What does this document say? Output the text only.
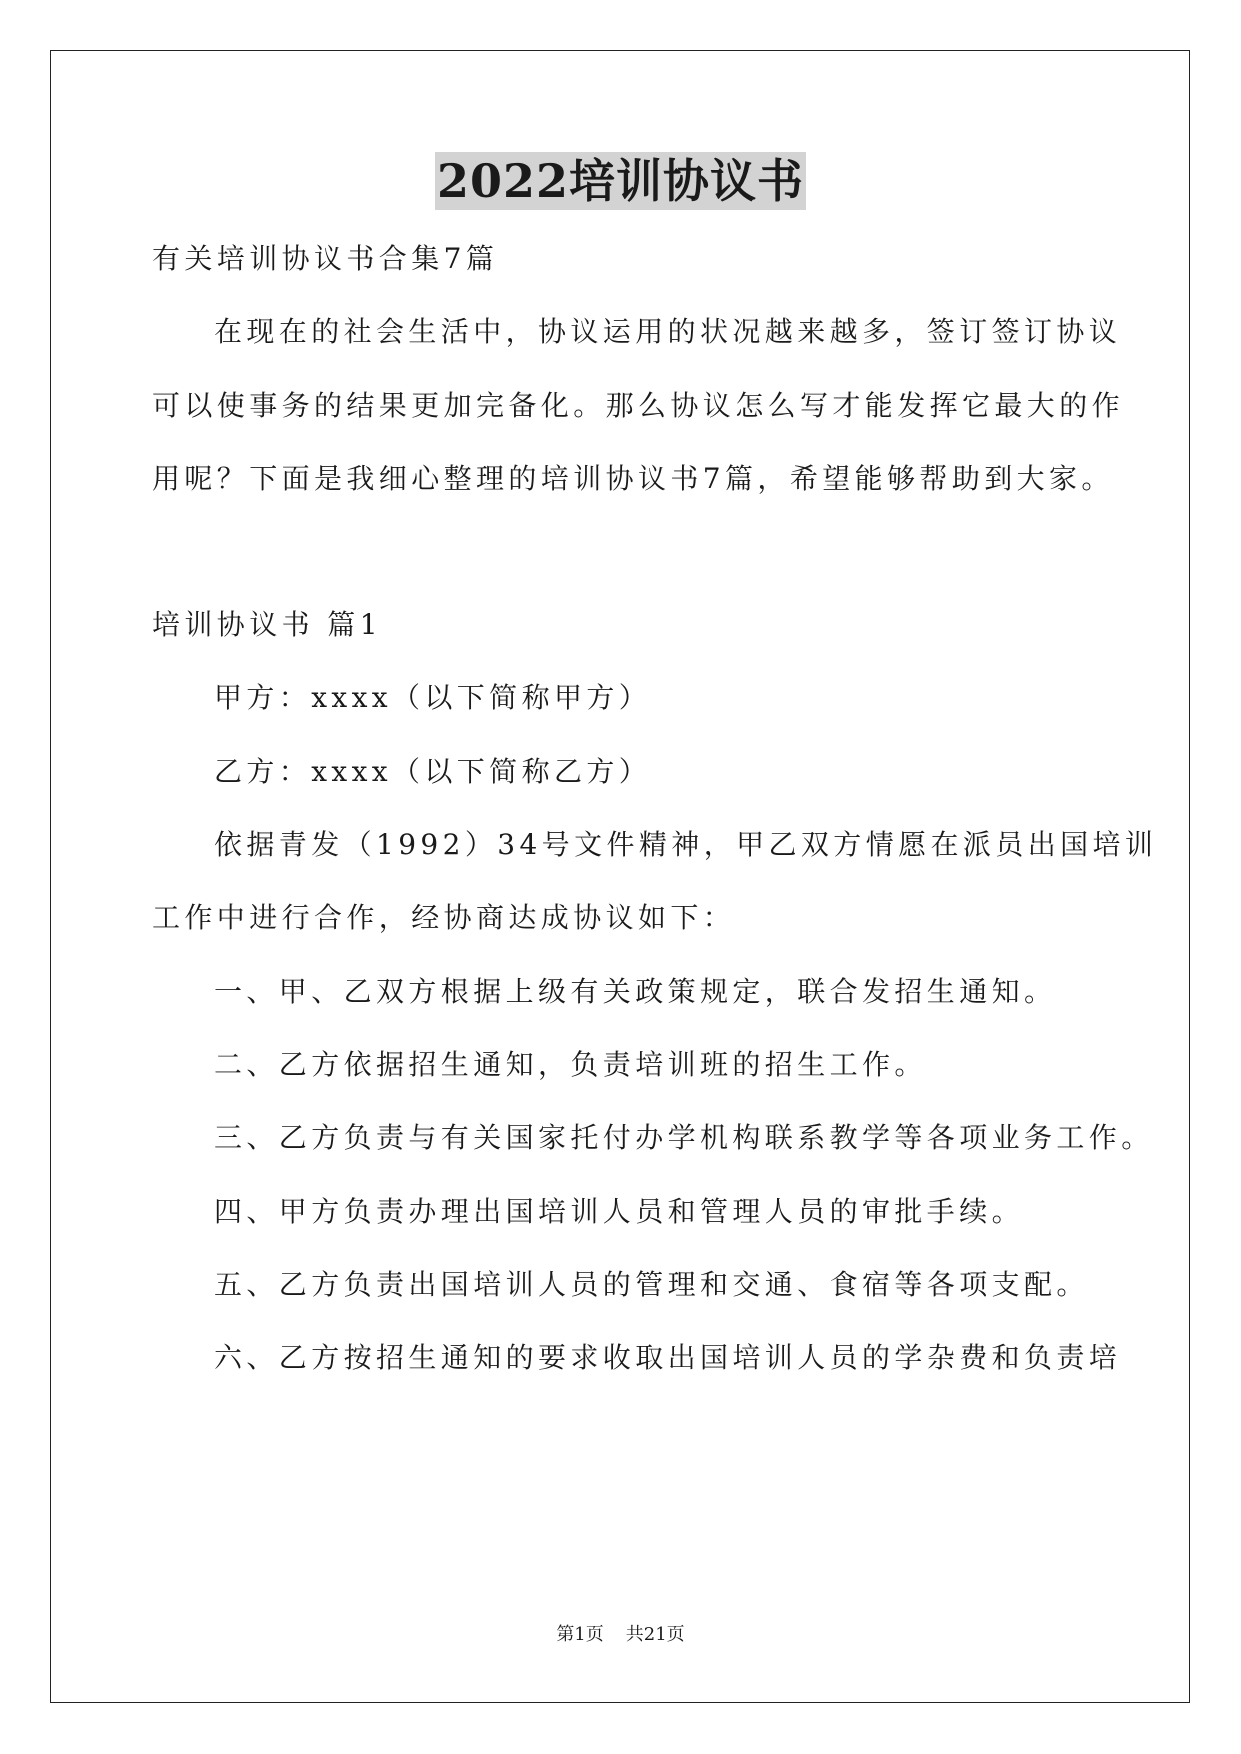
2022培训协议书
有关培训协议书合集7篇
在现在的社会生活中，协议运用的状况越来越多，签订签订协议
可以使事务的结果更加完备化。那么协议怎么写才能发挥它最大的作
用呢？下面是我细心整理的培训协议书7篇，希望能够帮助到大家。
培训协议书 篇1
甲方：xxxx（以下简称甲方）
乙方：xxxx（以下简称乙方）
依据青发（1992）34号文件精神，甲乙双方情愿在派员出国培训
工作中进行合作，经协商达成协议如下：
一、甲、乙双方根据上级有关政策规定，联合发招生通知。
二、乙方依据招生通知，负责培训班的招生工作。
三、乙方负责与有关国家托付办学机构联系教学等各项业务工作。
四、甲方负责办理出国培训人员和管理人员的审批手续。
五、乙方负责出国培训人员的管理和交通、食宿等各项支配。
六、乙方按招生通知的要求收取出国培训人员的学杂费和负责培
第1页 共21页
